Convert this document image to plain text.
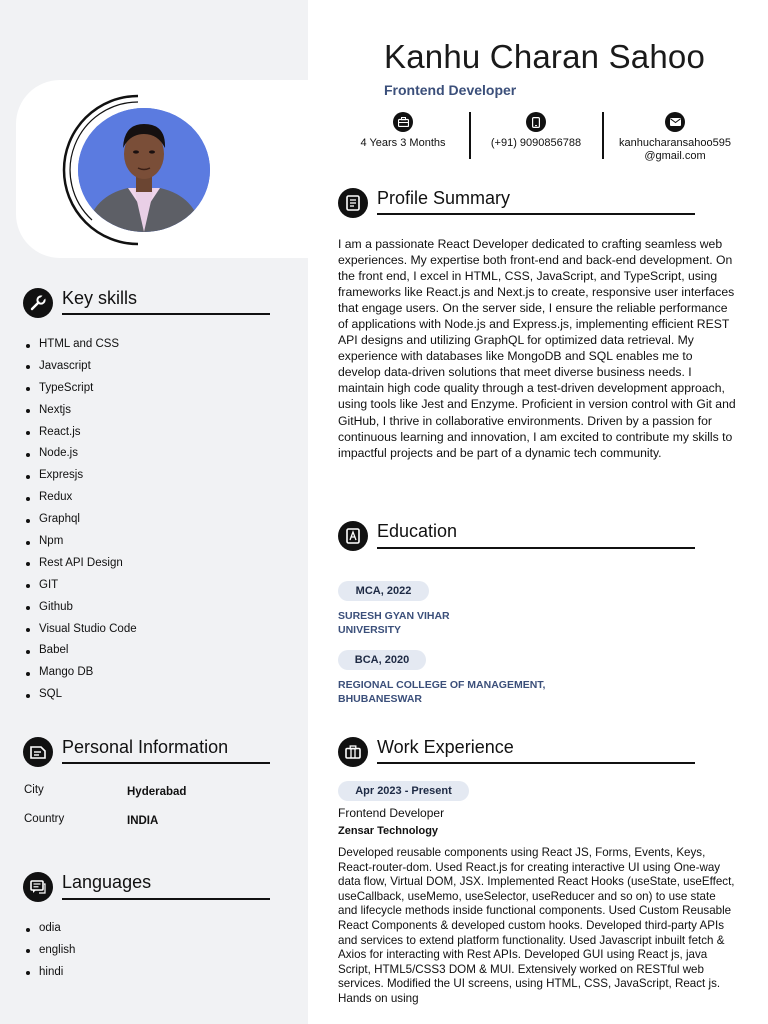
Kanhu Charan Sahoo
Frontend Developer
4 Years 3 Months	(+91) 9090856788	kanhucharansahoo595
@gmail.com
Key skills
HTML and CSS
Javascript
TypeScript
Nextjs
React.js
Node.js
Expresjs
Redux
Graphql
Npm
Rest API Design
GIT
Github
Visual Studio Code
Babel
Mango DB
SQL
Personal Information
City	Hyderabad
Country	INDIA
Languages
odia
english
hindi
Profile Summary
I am a passionate React Developer dedicated to crafting seamless web experiences. My expertise both front-end and back-end development. On the front end, I excel in HTML, CSS, JavaScript, and TypeScript, using frameworks like React.js and Next.js to create, responsive user interfaces that engage users. On the server side, I ensure the reliable performance of applications with Node.js and Express.js, implementing efficient REST API designs and utilizing GraphQL for optimized data retrieval. My experience with databases like MongoDB and SQL enables me to develop data-driven solutions that meet diverse business needs. I maintain high code quality through a test-driven development approach, using tools like Jest and Enzyme. Proficient in version control with Git and GitHub, I thrive in collaborative environments. Driven by a passion for continuous learning and innovation, I am excited to contribute my skills to impactful projects and be part of a dynamic tech community.
Education
MCA, 2022
SURESH GYAN VIHAR
UNIVERSITY
BCA, 2020
REGIONAL COLLEGE OF MANAGEMENT,
BHUBANESWAR
Work Experience
Apr 2023 - Present
Frontend Developer
Zensar Technology
Developed reusable components using React JS, Forms, Events, Keys, React-router-dom. Used React.js for creating interactive UI using One-way data flow, Virtual DOM, JSX. Implemented React Hooks (useState, useEffect, useCallback, useMemo, useSelector, useReducer and so on) to use state and lifecycle methods inside functional components. Used Custom Reusable React Components & developed custom hooks. Developed third-party APIs and services to extend platform functionality. Used Javascript inbuilt fetch & Axios for interacting with Rest APIs. Developed GUI using React js, java Script, HTML5/CSS3 DOM & MUI. Extensively worked on RESTful web services. Modified the UI screens, using HTML, CSS, JavaScript, React js. Hands on using
